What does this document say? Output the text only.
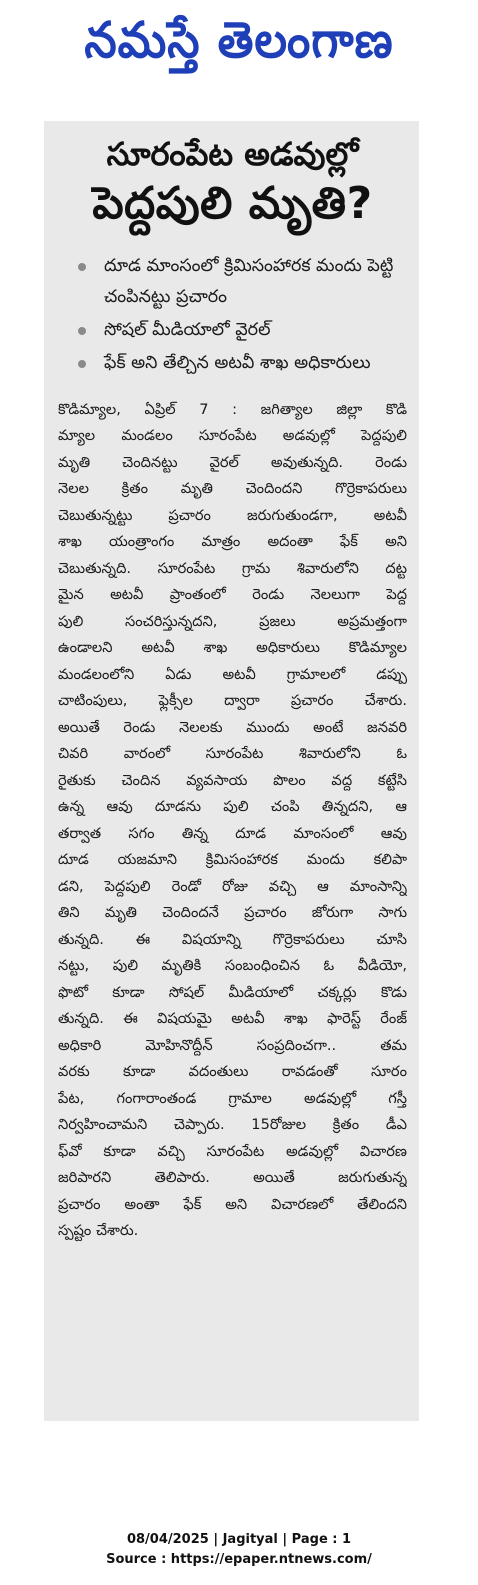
నమస్తే తెలంగాణ
సూరంపేట అడవుల్లో
పెద్దపులి మృతి?
దూడ మాంసంలో క్రిమిసంహారక మందు పెట్టి చంపినట్టు ప్రచారం
సోషల్ మీడియాలో వైరల్
ఫేక్ అని తేల్చిన అటవీ శాఖ అధికారులు
కొడిమ్యాల, ఏప్రిల్ 7 : జగిత్యాల జిల్లా కొడి
మ్యాల మండలం సూరంపేట అడవుల్లో పెద్దపులి
మృతి చెందినట్టు వైరల్ అవుతున్నది. రెండు
నెలల క్రితం మృతి చెందిందని గొర్రెకాపరులు
చెబుతున్నట్టు ప్రచారం జరుగుతుండగా, అటవీ
శాఖ యంత్రాంగం మాత్రం అదంతా ఫేక్ అని
చెబుతున్నది. సూరంపేట గ్రామ శివారులోని దట్ట
మైన అటవీ ప్రాంతంలో రెండు నెలలుగా పెద్ద
పులి సంచరిస్తున్నదని, ప్రజలు అప్రమత్తంగా
ఉండాలని అటవీ శాఖ అధికారులు కొడిమ్యాల
మండలంలోని ఏడు అటవీ గ్రామాలలో డప్పు
చాటింపులు, ఫ్లెక్సీల ద్వారా ప్రచారం చేశారు.
అయితే రెండు నెలలకు ముందు అంటే జనవరి
చివరి వారంలో సూరంపేట శివారులోని ఓ
రైతుకు చెందిన వ్యవసాయ పొలం వద్ద కట్టేసి
ఉన్న ఆవు దూడను పులి చంపి తిన్నదని, ఆ
తర్వాత సగం తిన్న దూడ మాంసంలో ఆవు
దూడ యజమాని క్రిమిసంహారక మందు కలిపా
డని, పెద్దపులి రెండో రోజు వచ్చి ఆ మాంసాన్ని
తిని మృతి చెందిందనే ప్రచారం జోరుగా సాగు
తున్నది. ఈ విషయాన్ని గొర్రెకాపరులు చూసి
నట్టు, పులి మృతికి సంబంధించిన ఓ వీడియో,
ఫొటో కూడా సోషల్ మీడియాలో చక్కర్లు కొడు
తున్నది. ఈ విషయమై అటవీ శాఖ ఫారెస్ట్ రేంజ్
అధికారి మోహినొద్దీన్ సంప్రదించగా.. తమ
వరకు కూడా వదంతులు రావడంతో సూరం
పేట, గంగారాంతండ గ్రామాల అడవుల్లో గస్తీ
నిర్వహించామని చెప్పారు. 15రోజుల క్రితం డీఎ
ఫ్‌వో కూడా వచ్చి సూరంపేట అడవుల్లో విచారణ
జరిపారని తెలిపారు. అయితే జరుగుతున్న
ప్రచారం అంతా ఫేక్ అని విచారణలో తేలిందని
స్పష్టం చేశారు.
08/04/2025 | Jagityal | Page : 1
Source : https://epaper.ntnews.com/
